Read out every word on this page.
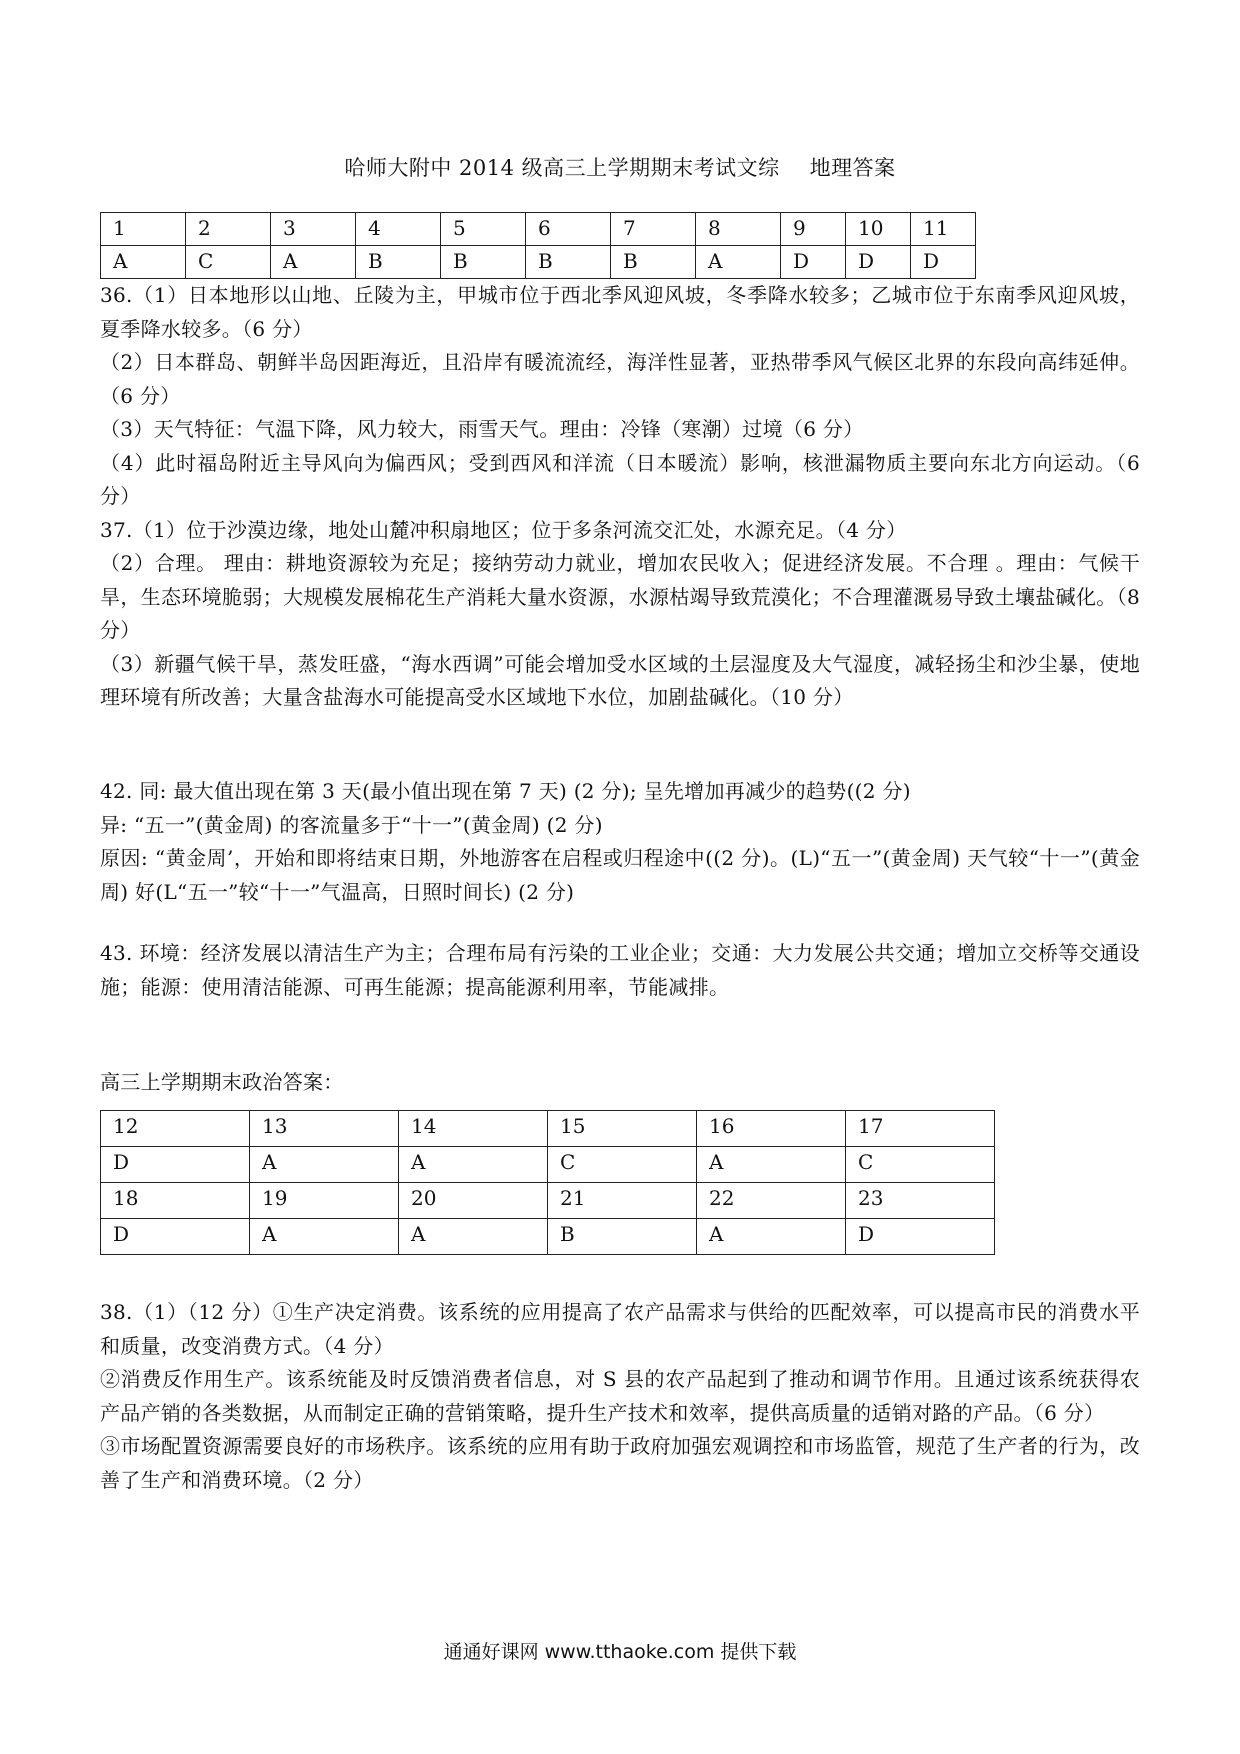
哈师大附中 2014 级高三上学期期末考试文综 地理答案
1	2	3	4	5	6	7	8	9	10	11
A	C	A	B	B	B	B	A	D	D	D

36.（1）日本地形以山地、丘陵为主，甲城市位于西北季风迎风坡，冬季降水较多；乙城市位于东南季风迎风坡，夏季降水较多。（6 分）

（2）日本群岛、朝鲜半岛因距海近，且沿岸有暖流流经，海洋性显著，亚热带季风气候区北界的东段向高纬延伸。（6 分）

（3）天气特征：气温下降，风力较大，雨雪天气。理由：冷锋（寒潮）过境（6 分）

（4）此时福岛附近主导风向为偏西风；受到西风和洋流（日本暖流）影响，核泄漏物质主要向东北方向运动。（6 分）

37.（1）位于沙漠边缘，地处山麓冲积扇地区；位于多条河流交汇处，水源充足。（4 分）

（2）合理。 理由：耕地资源较为充足；接纳劳动力就业，增加农民收入；促进经济发展。不合理 。理由：气候干旱，生态环境脆弱；大规模发展棉花生产消耗大量水资源，水源枯竭导致荒漠化；不合理灌溉易导致土壤盐碱化。（8 分）

（3）新疆气候干旱，蒸发旺盛，“海水西调”可能会增加受水区域的土层湿度及大气湿度，减轻扬尘和沙尘暴，使地理环境有所改善；大量含盐海水可能提高受水区域地下水位，加剧盐碱化。（10 分）

42. 同: 最大值出现在第 3 天(最小值出现在第 7 天) (2 分); 呈先增加再减少的趋势((2 分)

异: “五一”(黄金周) 的客流量多于“十一”(黄金周) (2 分)

原因: “黄金周’，开始和即将结束日期，外地游客在启程或归程途中((2 分)。(L)“五一”(黄金周) 天气较“十一”(黄金周) 好(L“五一”较“十一”气温高，日照时间长) (2 分)

43. 环境：经济发展以清洁生产为主；合理布局有污染的工业企业；交通：大力发展公共交通；增加立交桥等交通设施；能源：使用清洁能源、可再生能源；提高能源利用率，节能减排。

高三上学期期末政治答案：
12	13	14	15	16	17
D	A	A	C	A	C
18	19	20	21	22	23
D	A	A	B	A	D

38.（1）（12 分）①生产决定消费。该系统的应用提高了农产品需求与供给的匹配效率，可以提高市民的消费水平和质量，改变消费方式。（4 分）

②消费反作用生产。该系统能及时反馈消费者信息，对 S 县的农产品起到了推动和调节作用。且通过该系统获得农产品产销的各类数据，从而制定正确的营销策略，提升生产技术和效率，提供高质量的适销对路的产品。（6 分）

③市场配置资源需要良好的市场秩序。该系统的应用有助于政府加强宏观调控和市场监管，规范了生产者的行为，改善了生产和消费环境。（2 分）

通通好课网 www.tthaoke.com 提供下载
